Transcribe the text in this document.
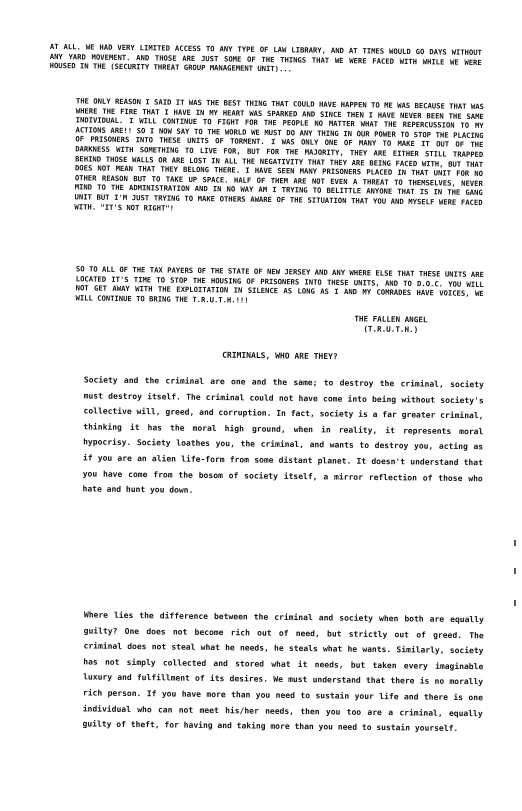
AT ALL. WE HAD VERY LIMITED ACCESS TO ANY TYPE OF LAW LIBRARY, AND AT TIMES WOULD GO DAYS WITHOUT ANY YARD MOVEMENT. AND THOSE ARE JUST SOME OF THE THINGS THAT WE WERE FACED WITH WHILE WE WERE HOUSED IN THE (SECURITY THREAT GROUP MANAGEMENT UNIT)...

THE ONLY REASON I SAID IT WAS THE BEST THING THAT COULD HAVE HAPPEN TO ME WAS BECAUSE THAT WAS WHERE THE FIRE THAT I HAVE IN MY HEART WAS SPARKED AND SINCE THEN I HAVE NEVER BEEN THE SAME INDIVIDUAL. I WILL CONTINUE TO FIGHT FOR THE PEOPLE NO MATTER WHAT THE REPERCUSSION TO MY ACTIONS ARE!! SO I NOW SAY TO THE WORLD WE MUST DO ANY THING IN OUR POWER TO STOP THE PLACING OF PRISONERS INTO THESE UNITS OF TORMENT. I WAS ONLY ONE OF MANY TO MAKE IT OUT OF THE DARKNESS WITH SOMETHING TO LIVE FOR, BUT FOR THE MAJORITY, THEY ARE EITHER STILL TRAPPED BEHIND THOSE WALLS OR ARE LOST IN ALL THE NEGATIVITY THAT THEY ARE BEING FACED WITH, BUT THAT DOES NOT MEAN THAT THEY BELONG THERE. I HAVE SEEN MANY PRISONERS PLACED IN THAT UNIT FOR NO OTHER REASON BUT TO TAKE UP SPACE. HALF OF THEM ARE NOT EVEN A THREAT TO THEMSELVES, NEVER MIND TO THE ADMINISTRATION AND IN NO WAY AM I TRYING TO BELITTLE ANYONE THAT IS IN THE GANG UNIT BUT I'M JUST TRYING TO MAKE OTHERS AWARE OF THE SITUATION THAT YOU AND MYSELF WERE FACED WITH. "IT'S NOT RIGHT"!

SO TO ALL OF THE TAX PAYERS OF THE STATE OF NEW JERSEY AND ANY WHERE ELSE THAT THESE UNITS ARE LOCATED IT'S TIME TO STOP THE HOUSING OF PRISONERS INTO THESE UNITS, AND TO D.O.C. YOU WILL NOT GET AWAY WITH THE EXPLOITATION IN SILENCE AS LONG AS I AND MY COMRADES HAVE VOICES, WE WILL CONTINUE TO BRING THE T.R.U.T.H.!!!

THE FALLEN ANGEL
(T.R.U.T.H.)
CRIMINALS, WHO ARE THEY?

Society and the criminal are one and the same; to destroy the criminal, society must destroy itself. The criminal could not have come into being without society's collective will, greed, and corruption. In fact, society is a far greater criminal, thinking it has the moral high ground, when in reality, it represents moral hypocrisy. Society loathes you, the criminal, and wants to destroy you, acting as if you are an alien life-form from some distant planet. It doesn't understand that you have come from the bosom of society itself, a mirror reflection of those who hate and hunt you down.

Where lies the difference between the criminal and society when both are equally guilty? One does not become rich out of need, but strictly out of greed. The criminal does not steal what he needs, he steals what he wants. Similarly, society has not simply collected and stored what it needs, but taken every imaginable luxury and fulfillment of its desires. We must understand that there is no morally rich person. If you have more than you need to sustain your life and there is one individual who can not meet his/her needs, then you too are a criminal, equally guilty of theft, for having and taking more than you need to sustain yourself.
